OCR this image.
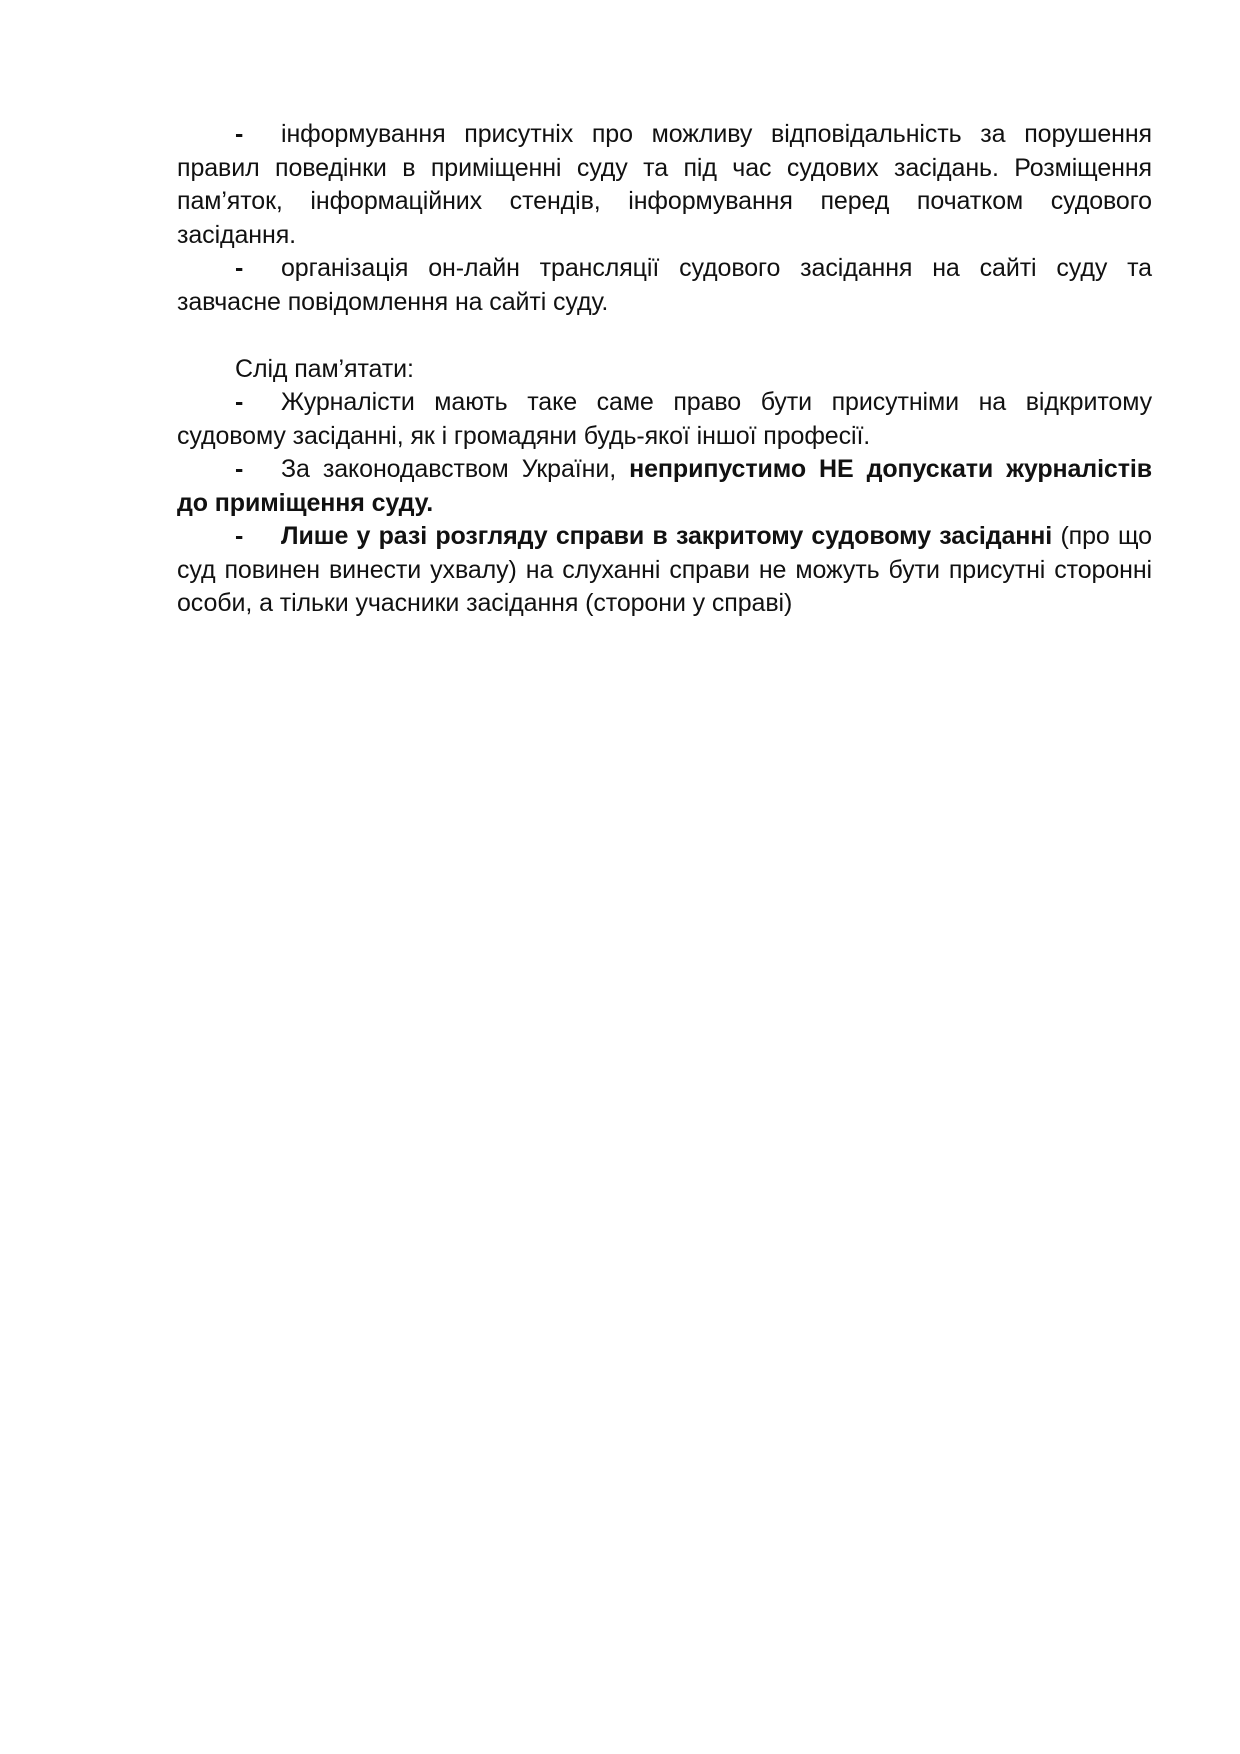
- інформування присутніх про можливу відповідальність за порушення правил поведінки в приміщенні суду та під час судових засідань. Розміщення пам’яток, інформаційних стендів, інформування перед початком судового засідання.

- організація он-лайн трансляції судового засідання на сайті суду та завчасне повідомлення на сайті суду.

Слід пам’ятати:

- Журналісти мають таке саме право бути присутніми на відкритому судовому засіданні, як і громадяни будь-якої іншої професії.

- За законодавством України, неприпустимо НЕ допускати журналістів до приміщення суду.

- Лише у разі розгляду справи в закритому судовому засіданні (про що суд повинен винести ухвалу) на слуханні справи не можуть бути присутні сторонні особи, а тільки учасники засідання (сторони у справі)
